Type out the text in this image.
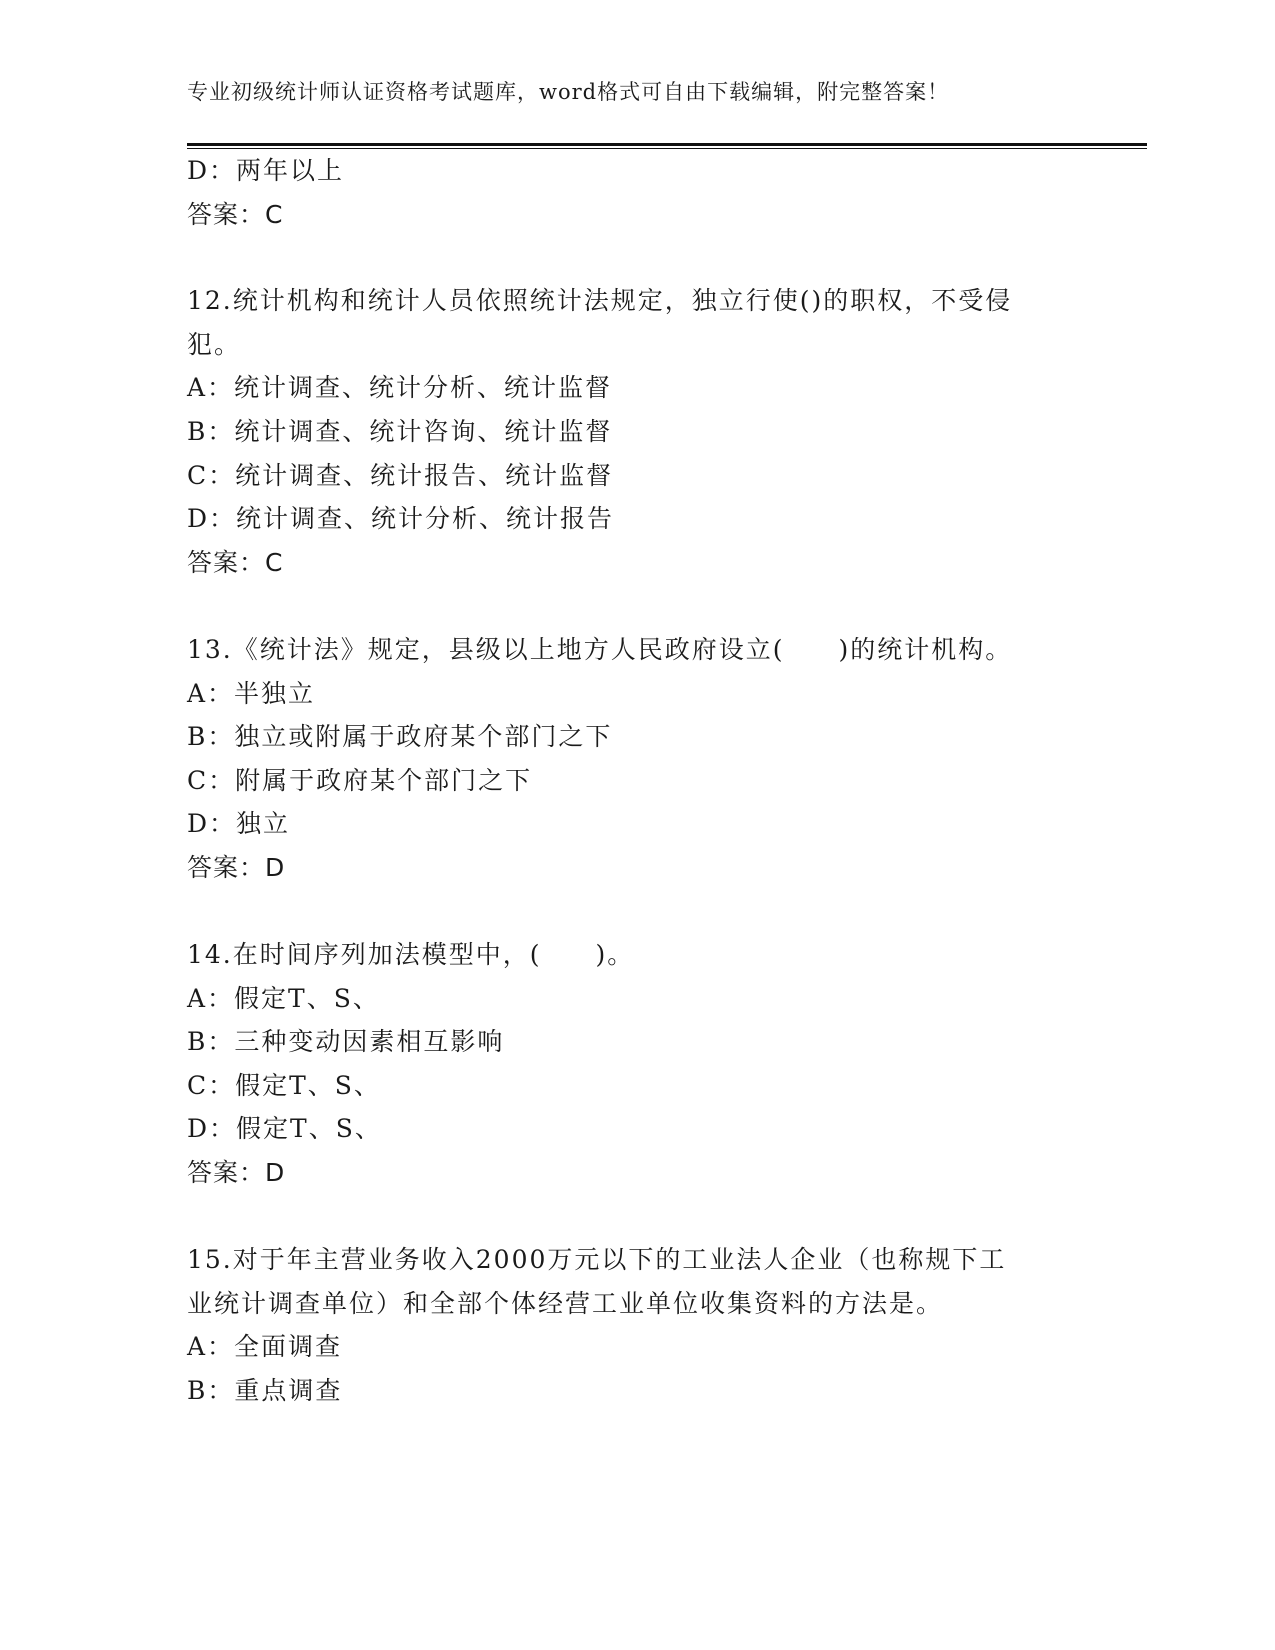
专业初级统计师认证资格考试题库，word格式可自由下载编辑，附完整答案！
D：两年以上
答案：C
12.统计机构和统计人员依照统计法规定，独立行使()的职权，不受侵
犯。
A：统计调查、统计分析、统计监督
B：统计调查、统计咨询、统计监督
C：统计调查、统计报告、统计监督
D：统计调查、统计分析、统计报告
答案：C
13.《统计法》规定，县级以上地方人民政府设立(　　)的统计机构。
A：半独立
B：独立或附属于政府某个部门之下
C：附属于政府某个部门之下
D：独立
答案：D
14.在时间序列加法模型中，(　　)。
A：假定T、S、
B：三种变动因素相互影响
C：假定T、S、
D：假定T、S、
答案：D
15.对于年主营业务收入2000万元以下的工业法人企业（也称规下工
业统计调查单位）和全部个体经营工业单位收集资料的方法是。
A：全面调查
B：重点调查
